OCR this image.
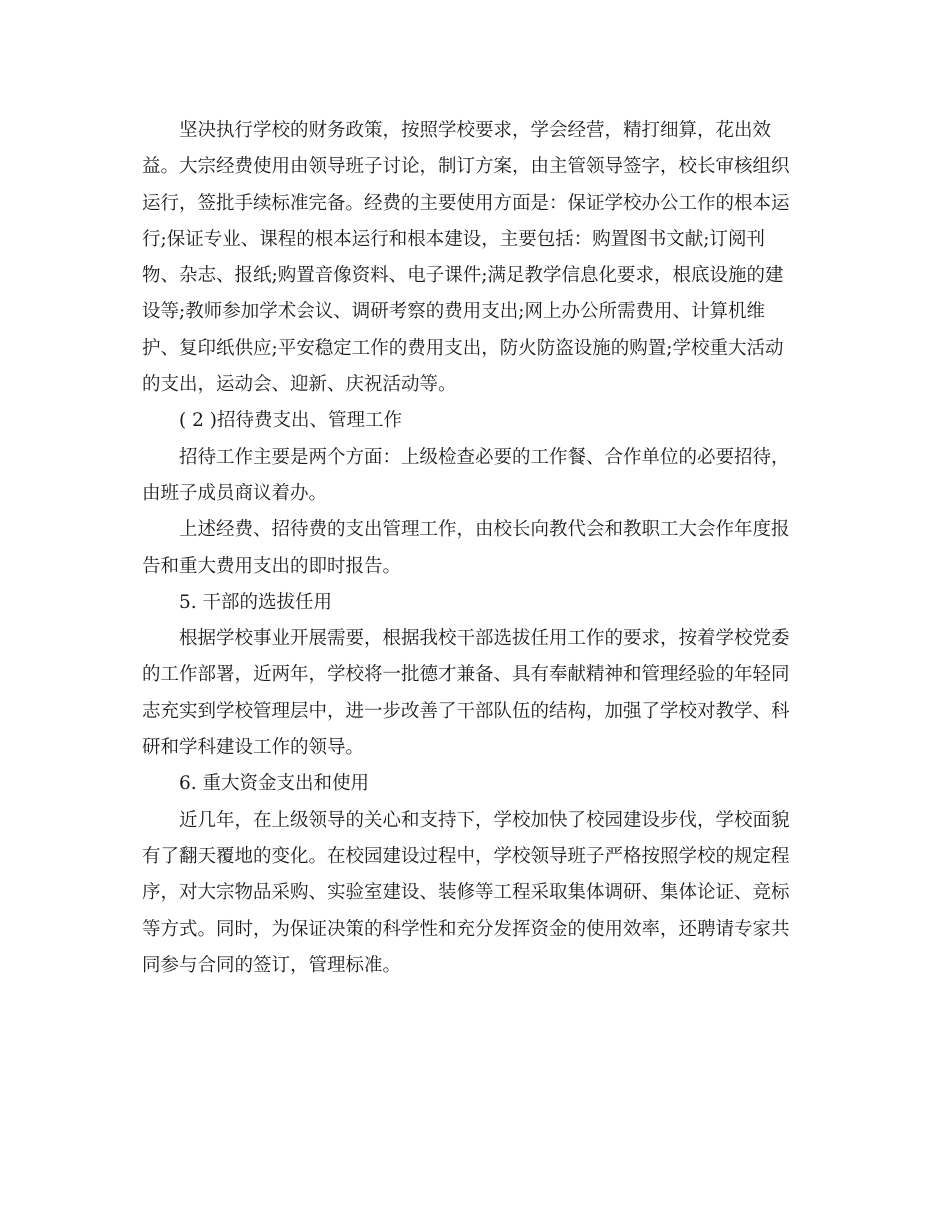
　　坚决执行学校的财务政策，按照学校要求，学会经营，精打细算，花出效
益。大宗经费使用由领导班子讨论，制订方案，由主管领导签字，校长审核组织
运行，签批手续标准完备。经费的主要使用方面是：保证学校办公工作的根本运
行;保证专业、课程的根本运行和根本建设，主要包括：购置图书文献;订阅刊
物、杂志、报纸;购置音像资料、电子课件;满足教学信息化要求，根底设施的建
设等;教师参加学术会议、调研考察的费用支出;网上办公所需费用、计算机维
护、复印纸供应;平安稳定工作的费用支出，防火防盗设施的购置;学校重大活动
的支出，运动会、迎新、庆祝活动等。
　　( 2 )招待费支出、管理工作
　　招待工作主要是两个方面：上级检查必要的工作餐、合作单位的必要招待，
由班子成员商议着办。
　　上述经费、招待费的支出管理工作，由校长向教代会和教职工大会作年度报
告和重大费用支出的即时报告。
　　5. 干部的选拔任用
　　根据学校事业开展需要，根据我校干部选拔任用工作的要求，按着学校党委
的工作部署，近两年，学校将一批德才兼备、具有奉献精神和管理经验的年轻同
志充实到学校管理层中，进一步改善了干部队伍的结构，加强了学校对教学、科
研和学科建设工作的领导。
　　6. 重大资金支出和使用
　　近几年，在上级领导的关心和支持下，学校加快了校园建设步伐，学校面貌
有了翻天覆地的变化。在校园建设过程中，学校领导班子严格按照学校的规定程
序，对大宗物品采购、实验室建设、装修等工程采取集体调研、集体论证、竞标
等方式。同时，为保证决策的科学性和充分发挥资金的使用效率，还聘请专家共
同参与合同的签订，管理标准。
